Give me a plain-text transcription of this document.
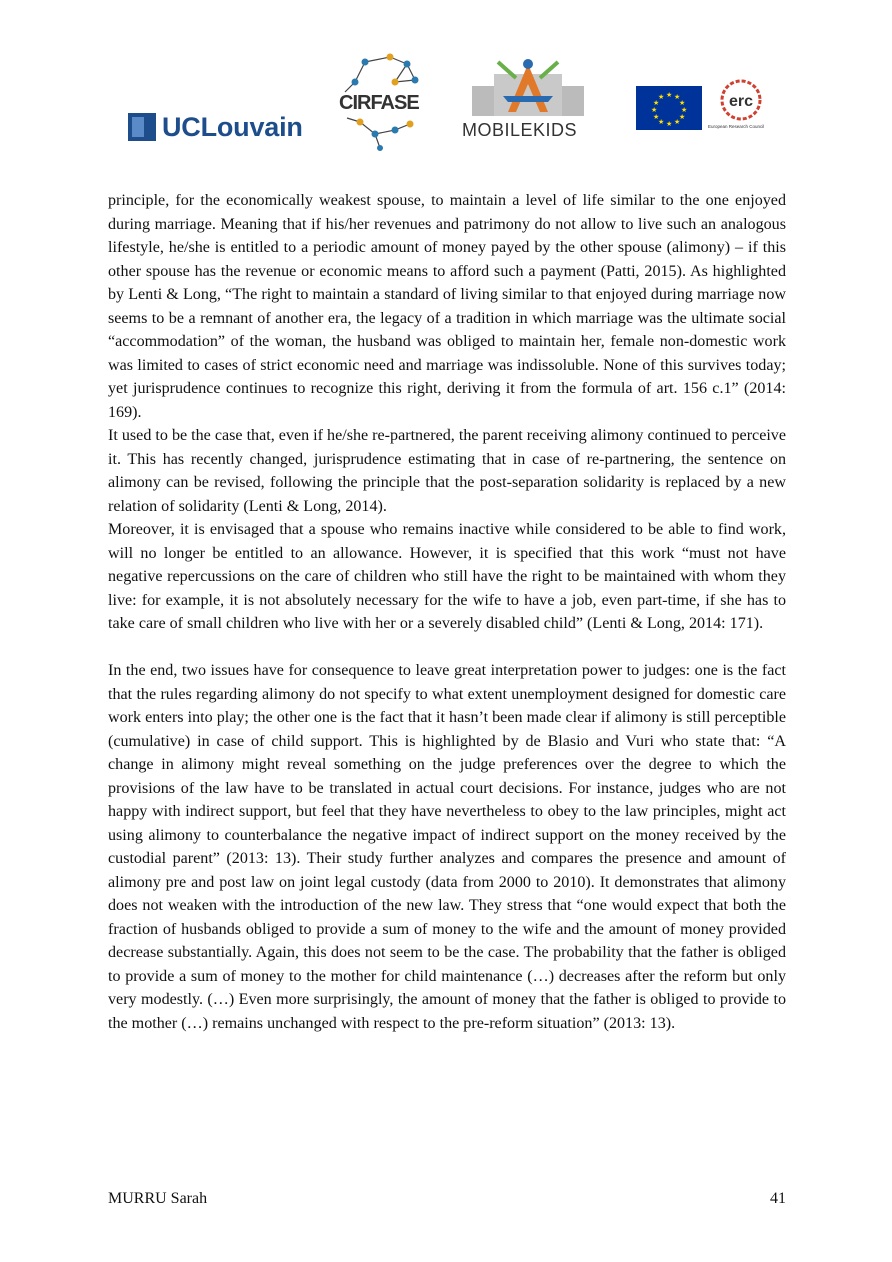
UCLouvain
CIRFASE
MOBILEKIDS
★ ★
★
★
★
★
★
★
★
★
★
★	erc
European Research Council

principle, for the economically weakest spouse, to maintain a level of life similar to the one enjoyed during marriage. Meaning that if his/her revenues and patrimony do not allow to live such an analogous lifestyle, he/she is entitled to a periodic amount of money payed by the other spouse (alimony) – if this other spouse has the revenue or economic means to afford such a payment (Patti, 2015). As highlighted by Lenti & Long, “The right to maintain a standard of living similar to that enjoyed during marriage now seems to be a remnant of another era, the legacy of a tradition in which marriage was the ultimate social “accommodation” of the woman, the husband was obliged to maintain her, female non-domestic work was limited to cases of strict economic need and marriage was indissoluble. None of this survives today; yet jurisprudence continues to recognize this right, deriving it from the formula of art. 156 c.1” (2014: 169).

It used to be the case that, even if he/she re-partnered, the parent receiving alimony continued to perceive it. This has recently changed, jurisprudence estimating that in case of re-partnering, the sentence on alimony can be revised, following the principle that the post-separation solidarity is replaced by a new relation of solidarity (Lenti & Long, 2014).

Moreover, it is envisaged that a spouse who remains inactive while considered to be able to find work, will no longer be entitled to an allowance. However, it is specified that this work “must not have negative repercussions on the care of children who still have the right to be maintained with whom they live: for example, it is not absolutely necessary for the wife to have a job, even part-time, if she has to take care of small children who live with her or a severely disabled child” (Lenti & Long, 2014: 171).

In the end, two issues have for consequence to leave great interpretation power to judges: one is the fact that the rules regarding alimony do not specify to what extent unemployment designed for domestic care work enters into play; the other one is the fact that it hasn’t been made clear if alimony is still perceptible (cumulative) in case of child support. This is highlighted by de Blasio and Vuri who state that: “A change in alimony might reveal something on the judge preferences over the degree to which the provisions of the law have to be translated in actual court decisions. For instance, judges who are not happy with indirect support, but feel that they have nevertheless to obey to the law principles, might act using alimony to counterbalance the negative impact of indirect support on the money received by the custodial parent” (2013: 13). Their study further analyzes and compares the presence and amount of alimony pre and post law on joint legal custody (data from 2000 to 2010). It demonstrates that alimony does not weaken with the introduction of the new law. They stress that “one would expect that both the fraction of husbands obliged to provide a sum of money to the wife and the amount of money provided decrease substantially. Again, this does not seem to be the case. The probability that the father is obliged to provide a sum of money to the mother for child maintenance (…) decreases after the reform but only very modestly. (…) Even more surprisingly, the amount of money that the father is obliged to provide to the mother (…) remains unchanged with respect to the pre-reform situation” (2013: 13).

MURRU Sarah	41
